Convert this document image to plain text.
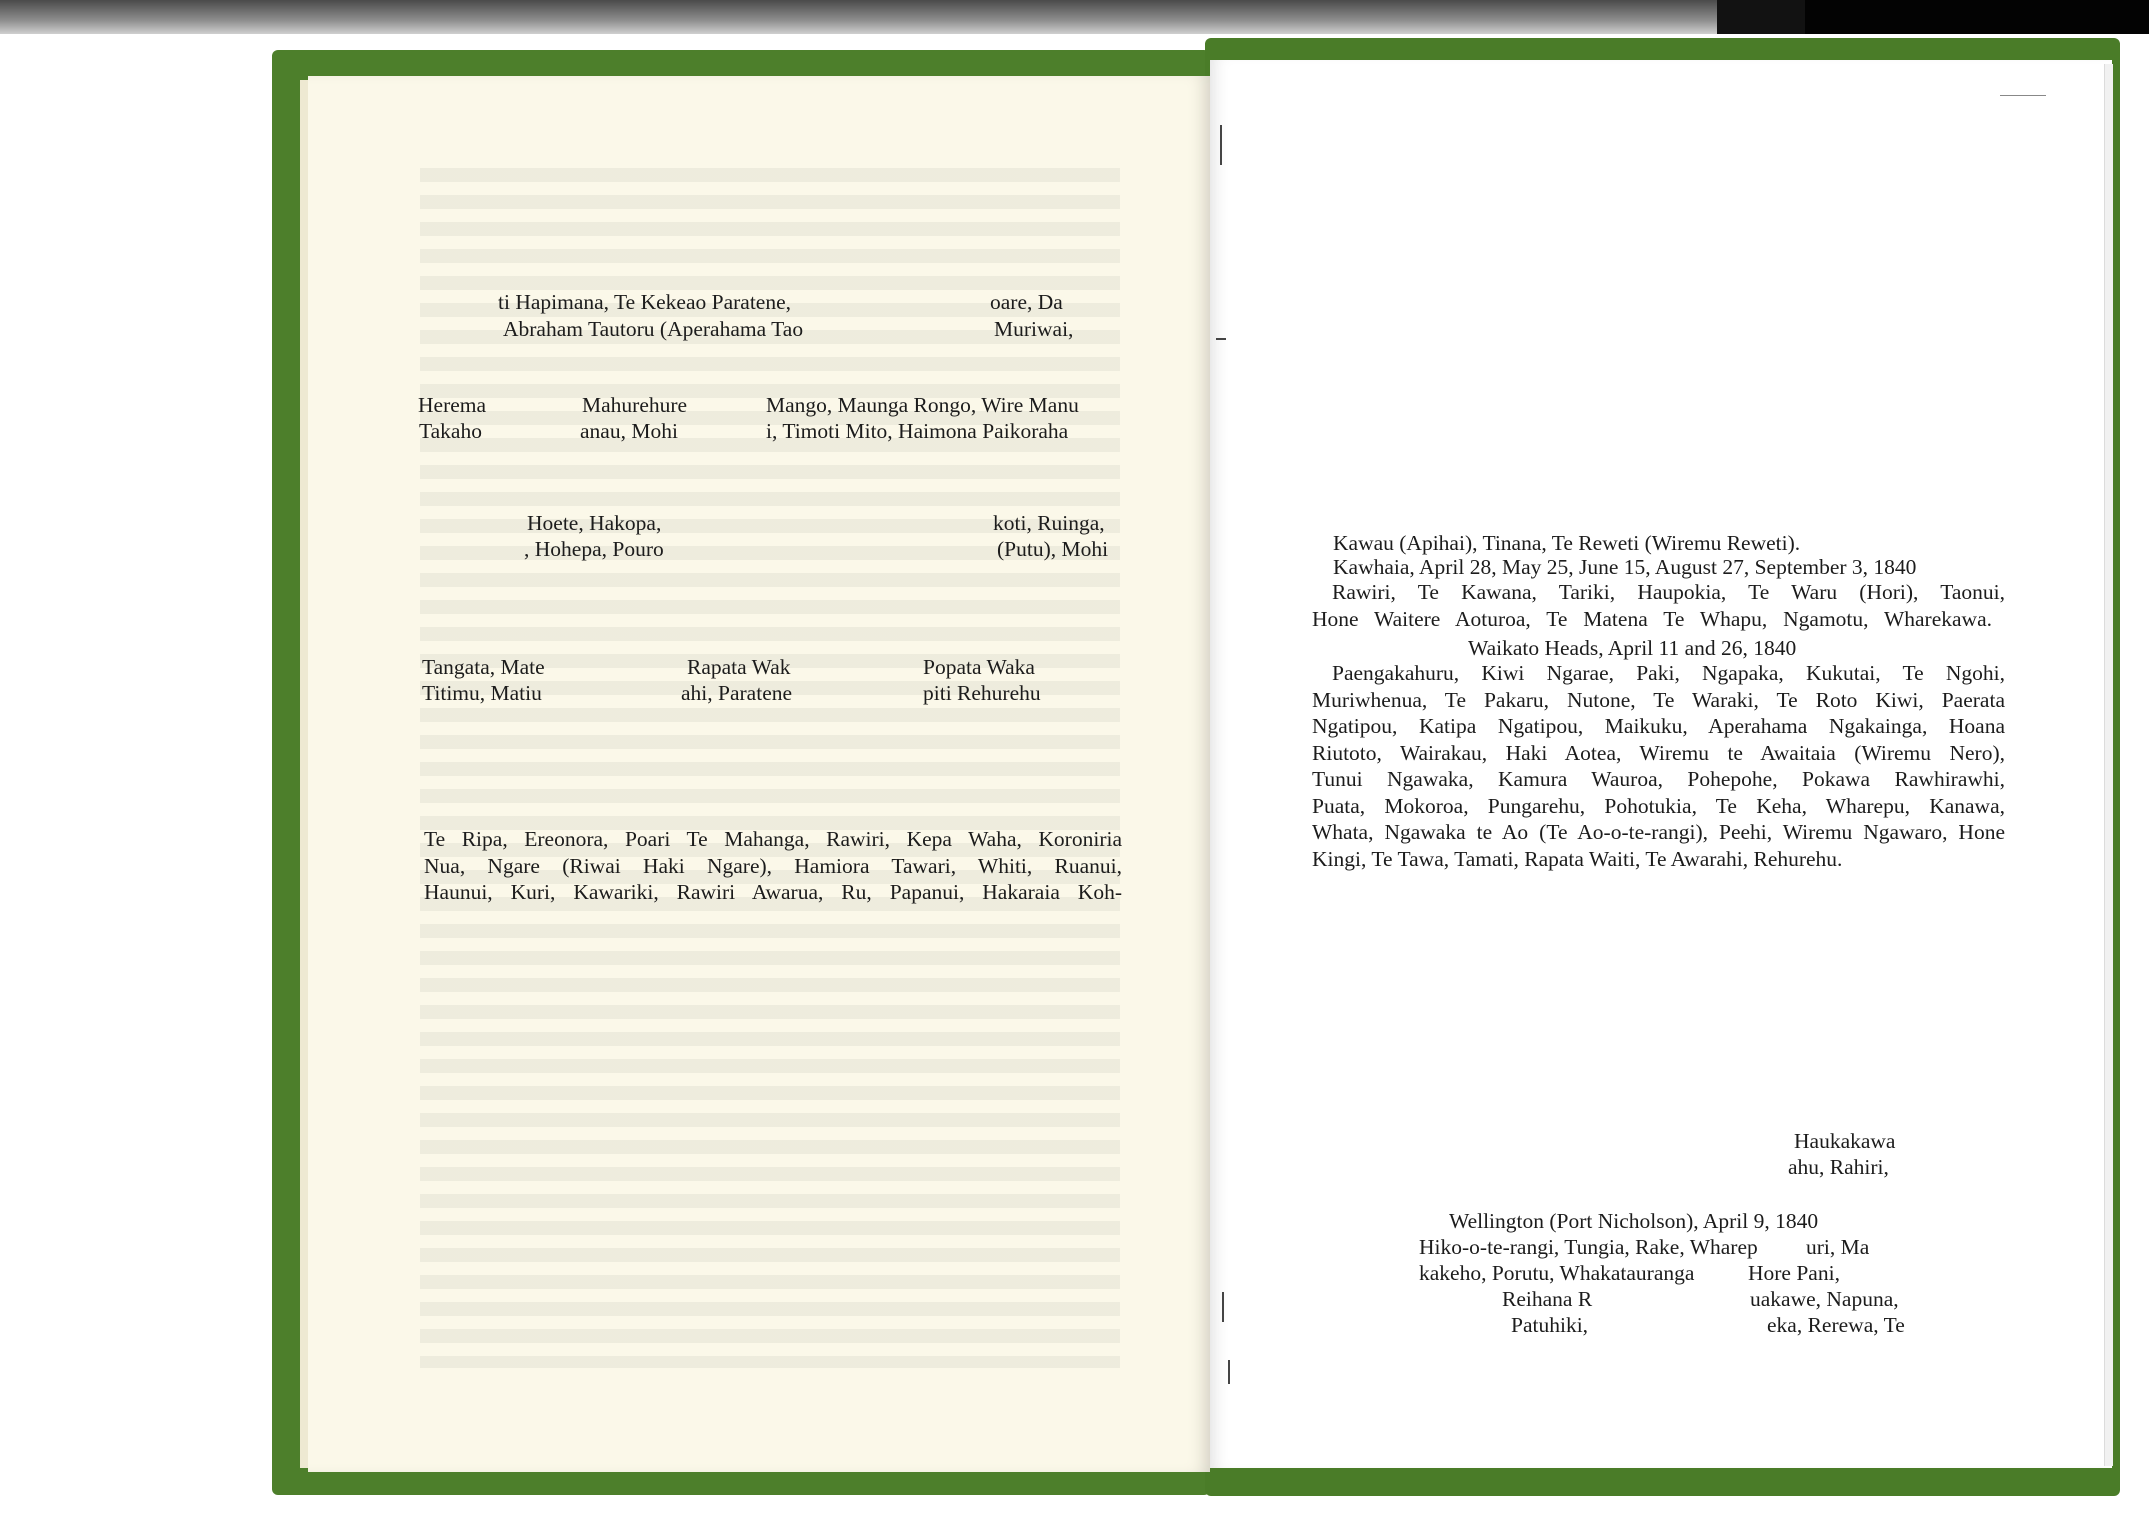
ti Hapimana, Te Kekeao Paratene,
Abraham Tautoru (Aperahama Tao
oare, Da
Muriwai,
Herema
Takaho
Mahurehure
anau, Mohi
Mango, Maunga Rongo, Wire Manu
i, Timoti Mito, Haimona Paikoraha
Hoete, Hakopa,
, Hohepa, Pouro
koti, Ruinga,
(Putu), Mohi
Tangata, Mate
Titimu, Matiu
Rapata Wak
ahi, Paratene
Popata Waka
piti Rehurehu
Te Ripa, Ereonora, Poari Te Mahanga, Rawiri, Kepa Waha, Koroniria
Nua, Ngare (Riwai Haki Ngare), Hamiora Tawari, Whiti, Ruanui,
Haunui, Kuri, Kawariki, Rawiri Awarua, Ru, Papanui, Hakaraia Koh-
Kawau (Apihai), Tinana, Te Reweti (Wiremu Reweti).
Kawhaia, April 28, May 25, June 15, August 27, September 3, 1840
Rawiri, Te Kawana, Tariki, Haupokia, Te Waru (Hori), Taonui,
Hone Waitere Aoturoa, Te Matena Te Whapu, Ngamotu, Wharekawa.
Waikato Heads, April 11 and 26, 1840
Paengakahuru, Kiwi Ngarae, Paki, Ngapaka, Kukutai, Te Ngohi,
Muriwhenua, Te Pakaru, Nutone, Te Waraki, Te Roto Kiwi, Paerata
Ngatipou, Katipa Ngatipou, Maikuku, Aperahama Ngakainga, Hoana
Riutoto, Wairakau, Haki Aotea, Wiremu te Awaitaia (Wiremu Nero),
Tunui Ngawaka, Kamura Wauroa, Pohepohe, Pokawa Rawhirawhi,
Puata, Mokoroa, Pungarehu, Pohotukia, Te Keha, Wharepu, Kanawa,
Whata, Ngawaka te Ao (Te Ao-o-te-rangi), Peehi, Wiremu Ngawaro, Hone
Kingi, Te Tawa, Tamati, Rapata Waiti, Te Awarahi, Rehurehu.
Haukakawa
ahu, Rahiri,
Wellington (Port Nicholson), April 9, 1840
Hiko-o-te-rangi, Tungia, Rake, Wharep uri, Ma
kakeho, Porutu, Whakatauranga Hore Pani,
Reihana R	uakawe, Napuna,
Patuhiki,	eka, Rerewa, Te
